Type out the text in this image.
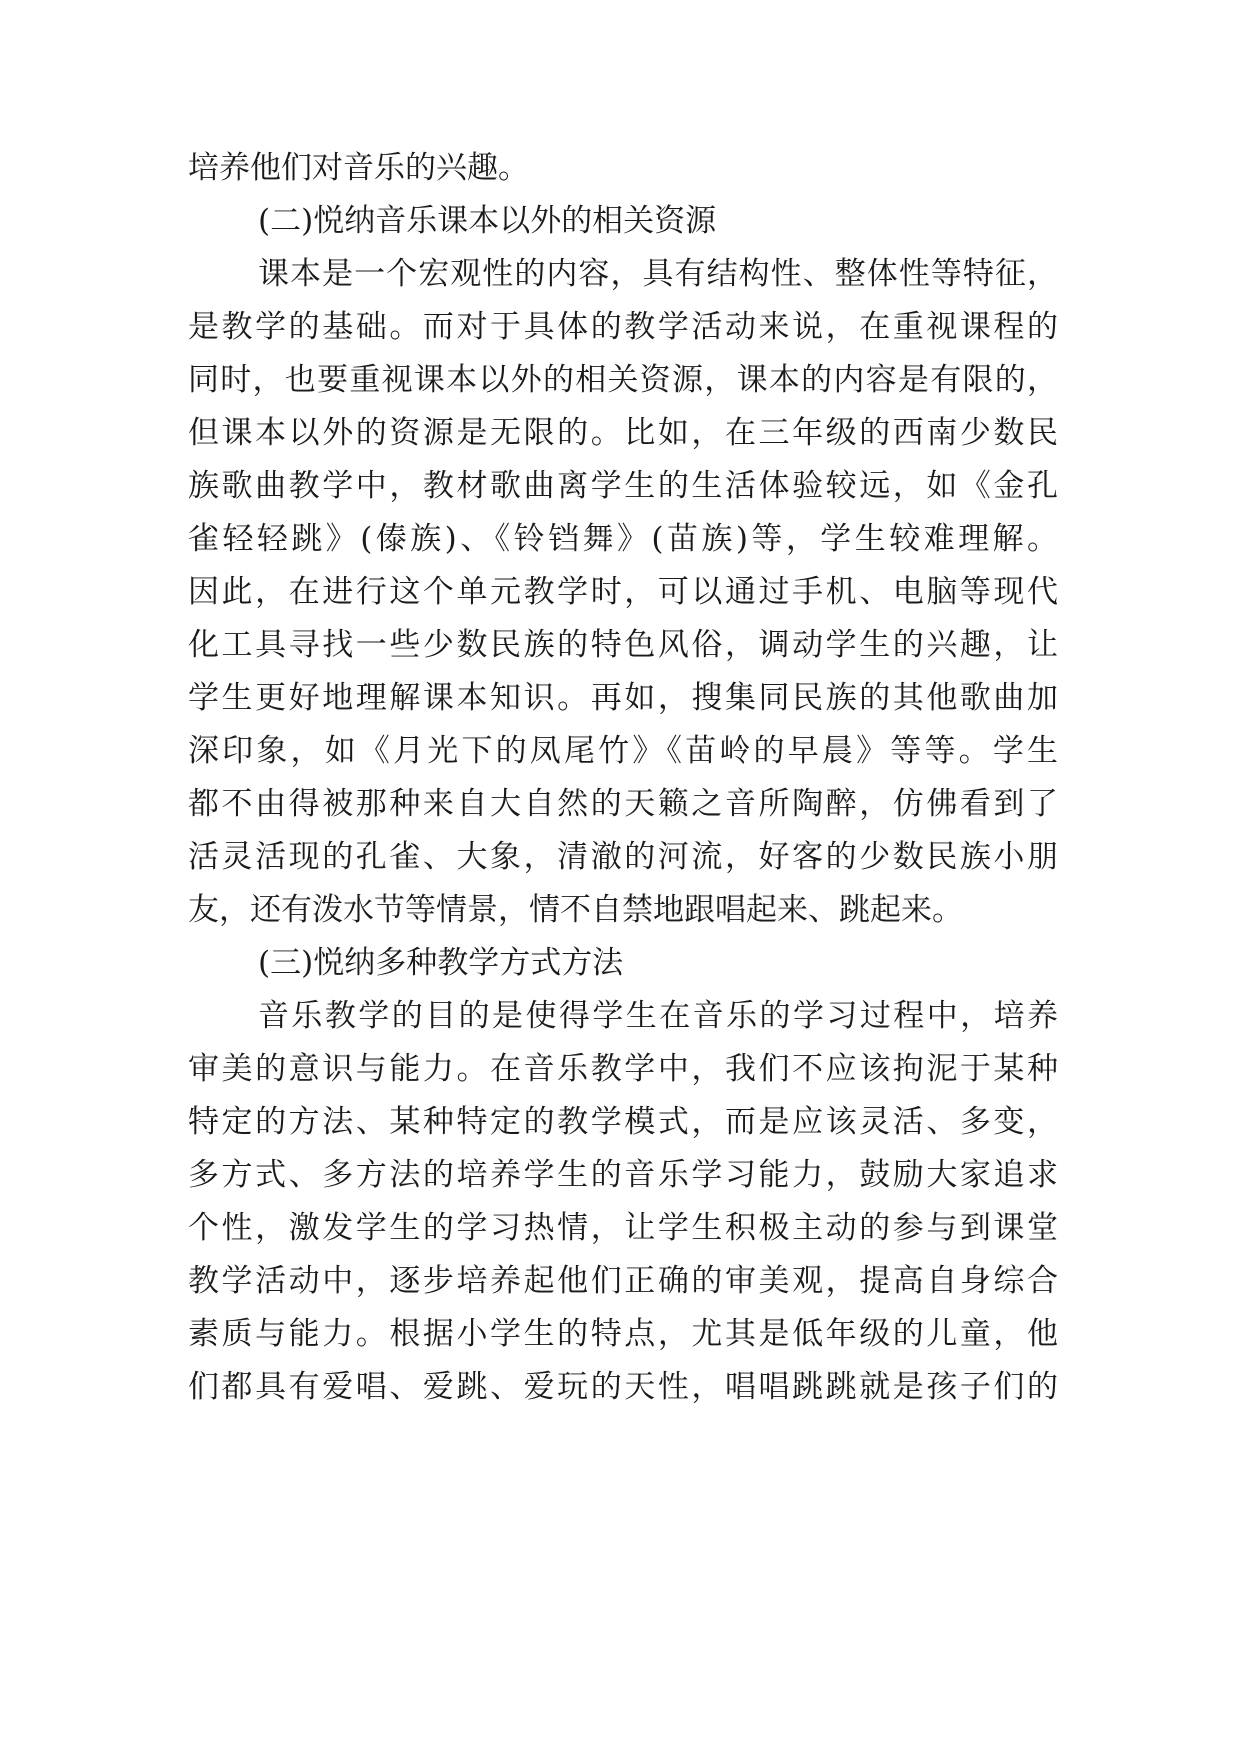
培养他们对音乐的兴趣。
(二)悦纳音乐课本以外的相关资源
课本是一个宏观性的内容，具有结构性、整体性等特征，
是教学的基础。而对于具体的教学活动来说，在重视课程的
同时，也要重视课本以外的相关资源，课本的内容是有限的，
但课本以外的资源是无限的。比如，在三年级的西南少数民
族歌曲教学中，教材歌曲离学生的生活体验较远，如《金孔
雀轻轻跳》(傣族)、《铃铛舞》(苗族)等，学生较难理解。
因此，在进行这个单元教学时，可以通过手机、电脑等现代
化工具寻找一些少数民族的特色风俗，调动学生的兴趣，让
学生更好地理解课本知识。再如，搜集同民族的其他歌曲加
深印象，如《月光下的凤尾竹》《苗岭的早晨》等等。学生
都不由得被那种来自大自然的天籁之音所陶醉，仿佛看到了
活灵活现的孔雀、大象，清澈的河流，好客的少数民族小朋
友，还有泼水节等情景，情不自禁地跟唱起来、跳起来。
(三)悦纳多种教学方式方法
音乐教学的目的是使得学生在音乐的学习过程中，培养
审美的意识与能力。在音乐教学中，我们不应该拘泥于某种
特定的方法、某种特定的教学模式，而是应该灵活、多变，
多方式、多方法的培养学生的音乐学习能力，鼓励大家追求
个性，激发学生的学习热情，让学生积极主动的参与到课堂
教学活动中，逐步培养起他们正确的审美观，提高自身综合
素质与能力。根据小学生的特点，尤其是低年级的儿童，他
们都具有爱唱、爱跳、爱玩的天性，唱唱跳跳就是孩子们的
